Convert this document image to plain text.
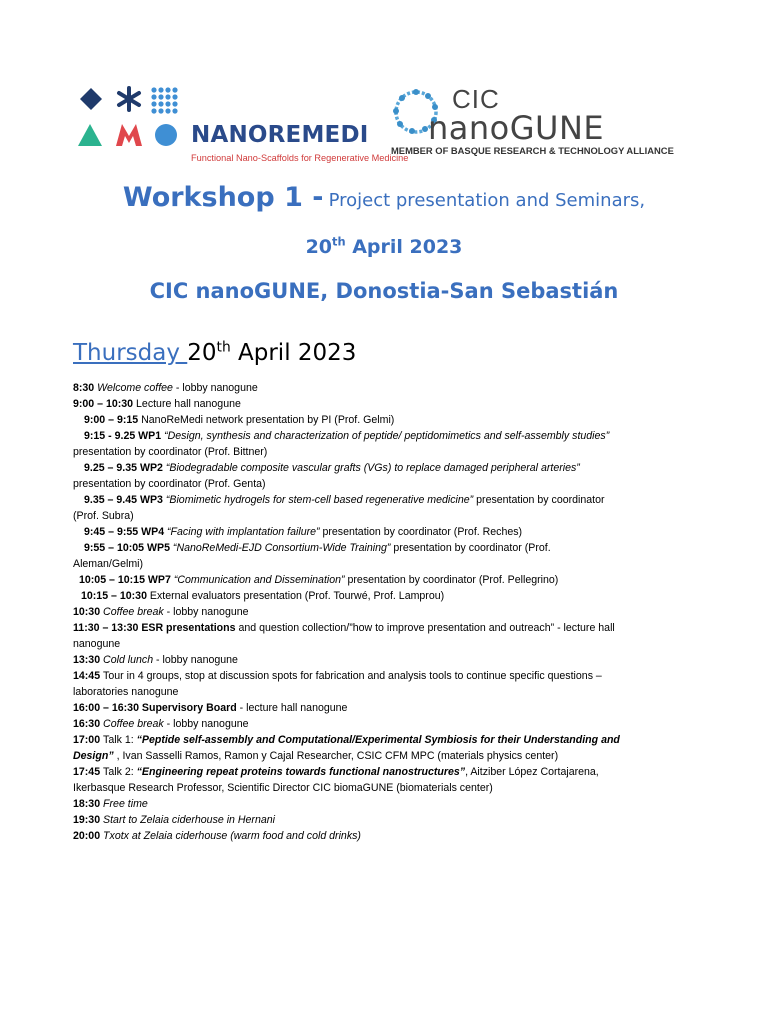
NANOREMEDI
Functional Nano-Scaffolds for Regenerative Medicine
CIC
nanoGUNE
MEMBER OF BASQUE RESEARCH & TECHNOLOGY ALLIANCE
Workshop 1 - Project presentation and Seminars,
20th April 2023
CIC nanoGUNE, Donostia-San Sebastián
Thursday 20th April 2023

8:30 Welcome coffee - lobby nanogune

9:00 – 10:30 Lecture hall nanogune

9:00 – 9:15 NanoReMedi network presentation by PI (Prof. Gelmi)

9:15 - 9.25 WP1 “Design, synthesis and characterization of peptide/ peptidomimetics and self-assembly studies”

presentation by coordinator (Prof. Bittner)

9.25 – 9.35 WP2 “Biodegradable composite vascular grafts (VGs) to replace damaged peripheral arteries”

presentation by coordinator (Prof. Genta)

9.35 – 9.45 WP3 “Biomimetic hydrogels for stem-cell based regenerative medicine” presentation by coordinator

(Prof. Subra)

9:45 – 9:55 WP4 “Facing with implantation failure” presentation by coordinator (Prof. Reches)

9:55 – 10:05 WP5 “NanoReMedi-EJD Consortium-Wide Training” presentation by coordinator (Prof.

Aleman/Gelmi)

10:05 – 10:15 WP7 “Communication and Dissemination” presentation by coordinator (Prof. Pellegrino)

10:15 – 10:30 External evaluators presentation (Prof. Tourwé, Prof. Lamprou)

10:30 Coffee break - lobby nanogune

11:30 – 13:30 ESR presentations and question collection/”how to improve presentation and outreach” - lecture hall

nanogune

13:30 Cold lunch - lobby nanogune

14:45 Tour in 4 groups, stop at discussion spots for fabrication and analysis tools to continue specific questions –

laboratories nanogune

16:00 – 16:30 Supervisory Board - lecture hall nanogune

16:30 Coffee break - lobby nanogune

17:00 Talk 1: “Peptide self-assembly and Computational/Experimental Symbiosis for their Understanding and

Design” , Ivan Sasselli Ramos, Ramon y Cajal Researcher, CSIC CFM MPC (materials physics center)

17:45 Talk 2: “Engineering repeat proteins towards functional nanostructures”, Aitziber López Cortajarena,

Ikerbasque Research Professor, Scientific Director CIC biomaGUNE (biomaterials center)

18:30 Free time

19:30 Start to Zelaia ciderhouse in Hernani

20:00 Txotx at Zelaia ciderhouse (warm food and cold drinks)
